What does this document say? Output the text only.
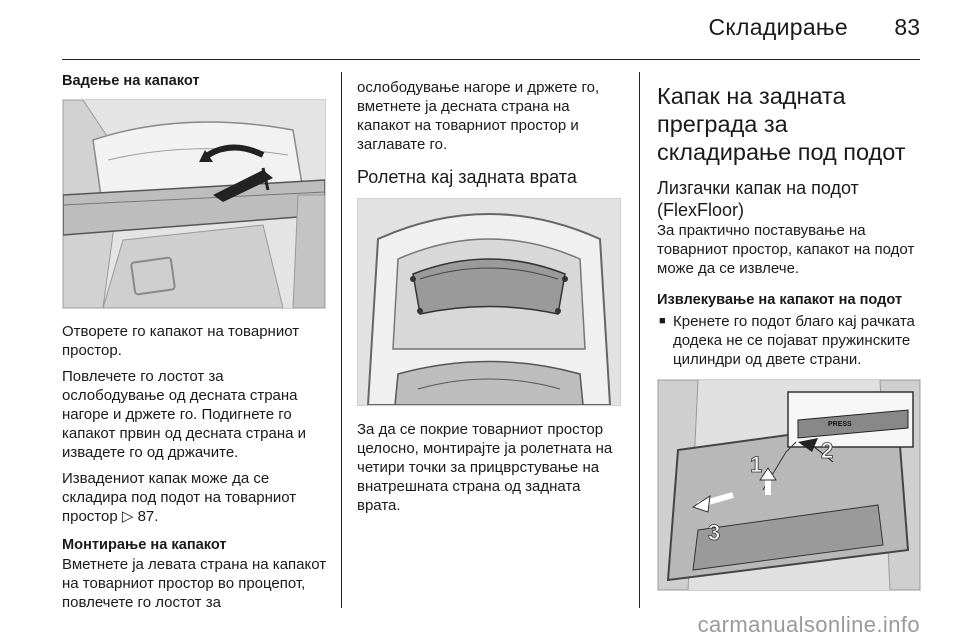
Складирање 83
Вадење на капакот

Отворете го капакот на товарниот простор.

Повлечете го лостот за ослободување од десната страна нагоре и држете го. Подигнете го капакот првин од десната страна и извадете го од држачите.

Извадениот капак може да се складира под подот на товарниот простор ▷ 87.

Монтирање на капакот

Вметнете ја левата страна на капакот на товарниот простор во процепот, повлечете го лостот за

ослободување нагоре и држете го, вметнете ја десната страна на капакот на товарниот простор и заглавате го.

Ролетна кај задната врата

За да се покрие товарниот простор целосно, монтирајте ја ролетната на четири точки за прицврстување на внатрешната страна од задната врата.

Капак на задната преграда за складирање под подот
Лизгачки капак на подот (FlexFloor)

За практично поставување на товарниот простор, капакот на подот може да се извлече.

Извлекување на капакот на подот
■ Кренете го подот благо кај рачката додека не се појават пружинските цилиндри од двете страни.
PRESS
1
2
3
carmanualsonline.info
